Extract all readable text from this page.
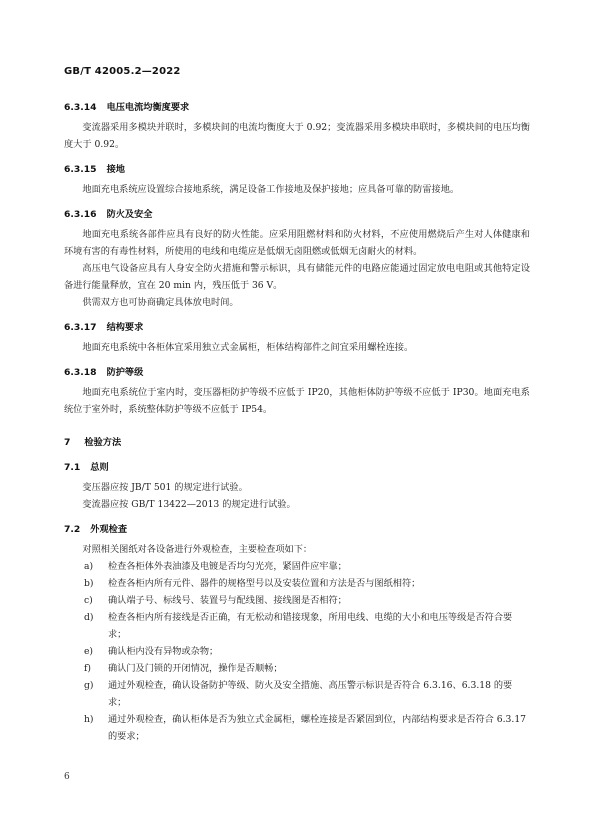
GB/T 42005.2—2022
6.3.14 电压电流均衡度要求

变流器采用多模块并联时，多模块间的电流均衡度大于 0.92；变流器采用多模块串联时，多模块间的电压均衡度大于 0.92。

6.3.15 接地

地面充电系统应设置综合接地系统，满足设备工作接地及保护接地；应具备可靠的防雷接地。

6.3.16 防火及安全

地面充电系统各部件应具有良好的防火性能。应采用阻燃材料和防火材料，不应使用燃烧后产生对人体健康和环境有害的有毒性材料，所使用的电线和电缆应是低烟无卤阻燃或低烟无卤耐火的材料。

高压电气设备应具有人身安全防火措施和警示标识，具有储能元件的电路应能通过固定放电电阻或其他特定设备进行能量释放，宜在 20 min 内，残压低于 36 V。

供需双方也可协商确定具体放电时间。

6.3.17 结构要求

地面充电系统中各柜体宜采用独立式金属柜，柜体结构部件之间宜采用螺栓连接。

6.3.18 防护等级

地面充电系统位于室内时，变压器柜防护等级不应低于 IP20，其他柜体防护等级不应低于 IP30。地面充电系统位于室外时，系统整体防护等级不应低于 IP54。

7 检验方法
7.1 总则

变压器应按 JB/T 501 的规定进行试验。

变流器应按 GB/T 13422—2013 的规定进行试验。

7.2 外观检查

对照相关图纸对各设备进行外观检查，主要检查项如下：

a) 检查各柜体外表油漆及电镀是否均匀光亮，紧固件应牢靠；
b) 检查各柜内所有元件、器件的规格型号以及安装位置和方法是否与图纸相符；
c) 确认端子号、标线号、装置号与配线图、接线图是否相符；
d) 检查各柜内所有接线是否正确，有无松动和错接现象，所用电线、电缆的大小和电压等级是否符合要求；
e) 确认柜内没有异物或杂物；
f) 确认门及门锁的开闭情况，操作是否顺畅；
g) 通过外观检查，确认设备防护等级、防火及安全措施、高压警示标识是否符合 6.3.16、6.3.18 的要求；
h) 通过外观检查，确认柜体是否为独立式金属柜，螺栓连接是否紧固到位，内部结构要求是否符合 6.3.17 的要求；
6
